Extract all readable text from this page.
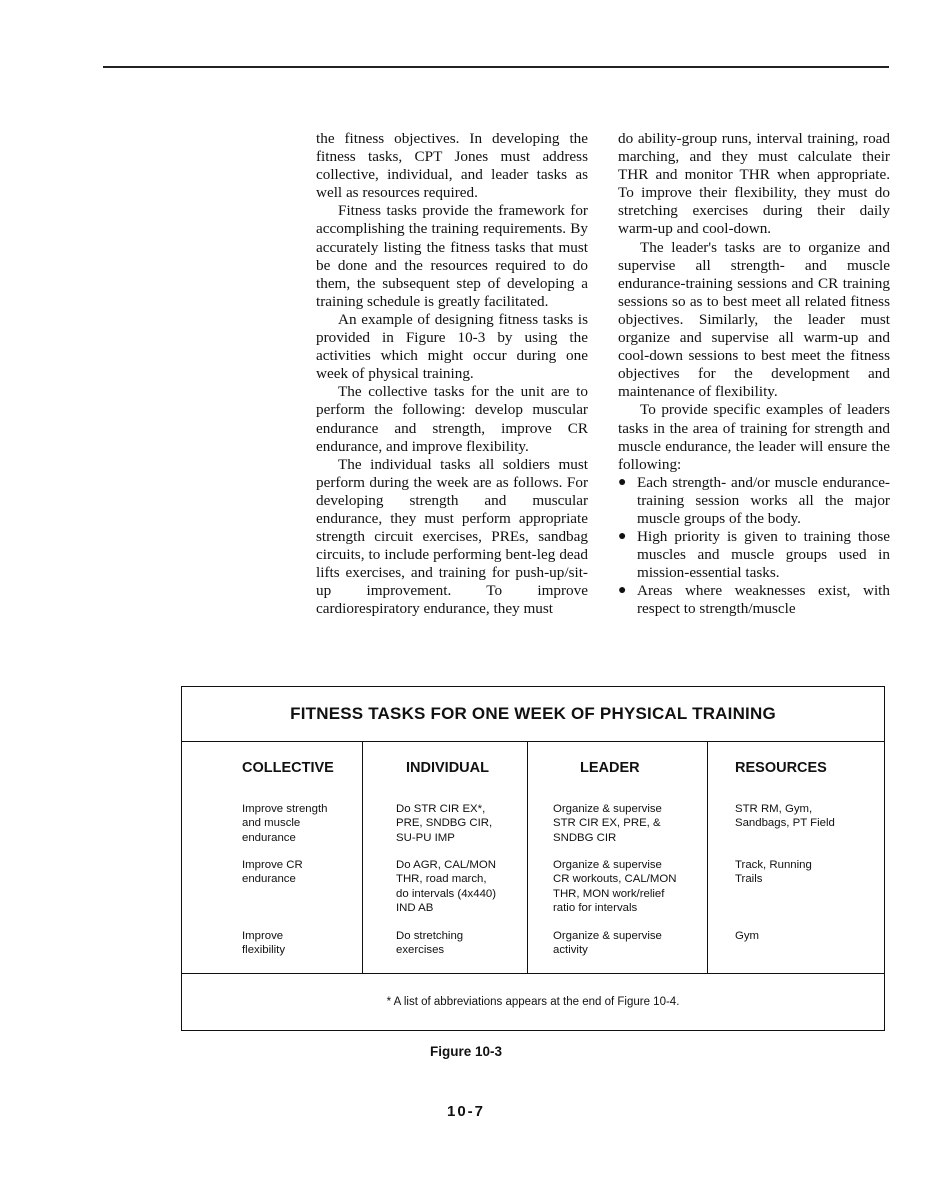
the fitness objectives. In developing the fitness tasks, CPT Jones must address collective, individual, and leader tasks as well as resources required.

Fitness tasks provide the framework for accomplishing the training requirements. By accurately listing the fitness tasks that must be done and the resources required to do them, the subsequent step of developing a training schedule is greatly facilitated.

An example of designing fitness tasks is provided in Figure 10-3 by using the activities which might occur during one week of physical training.

The collective tasks for the unit are to perform the following: develop muscular endurance and strength, improve CR endurance, and improve flexibility.

The individual tasks all soldiers must perform during the week are as follows. For developing strength and muscular endurance, they must perform appropriate strength circuit exercises, PREs, sandbag circuits, to include performing bent-leg dead lifts exercises, and training for push-up/sit-up improvement. To improve cardiorespiratory endurance, they must

do ability-group runs, interval training, road marching, and they must calculate their THR and monitor THR when appropriate. To improve their flexibility, they must do stretching exercises during their daily warm-up and cool-down.

The leader's tasks are to organize and supervise all strength- and muscle endurance-training sessions and CR training sessions so as to best meet all related fitness objectives. Similarly, the leader must organize and supervise all warm-up and cool-down sessions to best meet the fitness objectives for the development and maintenance of flexibility.

To provide specific examples of leaders tasks in the area of training for strength and muscle endurance, the leader will ensure the following:

● Each strength- and/or muscle endurance-training session works all the major muscle groups of the body.
● High priority is given to training those muscles and muscle groups used in mission-essential tasks.
● Areas where weaknesses exist, with respect to strength/muscle
FITNESS TASKS FOR ONE WEEK OF PHYSICAL TRAINING
COLLECTIVE
Improve strength
and muscle
endurance
Improve CR
endurance
Improve
flexibility
INDIVIDUAL
Do STR CIR EX*,
PRE, SNDBG CIR,
SU-PU IMP
Do AGR, CAL/MON
THR, road march,
do intervals (4x440)
IND AB
Do stretching
exercises
LEADER
Organize & supervise
STR CIR EX, PRE, &
SNDBG CIR
Organize & supervise
CR workouts, CAL/MON
THR, MON work/relief
ratio for intervals
Organize & supervise
activity
RESOURCES
STR RM, Gym,
Sandbags, PT Field
Track, Running
Trails
Gym
* A list of abbreviations appears at the end of Figure 10-4.
Figure 10-3
10-7
